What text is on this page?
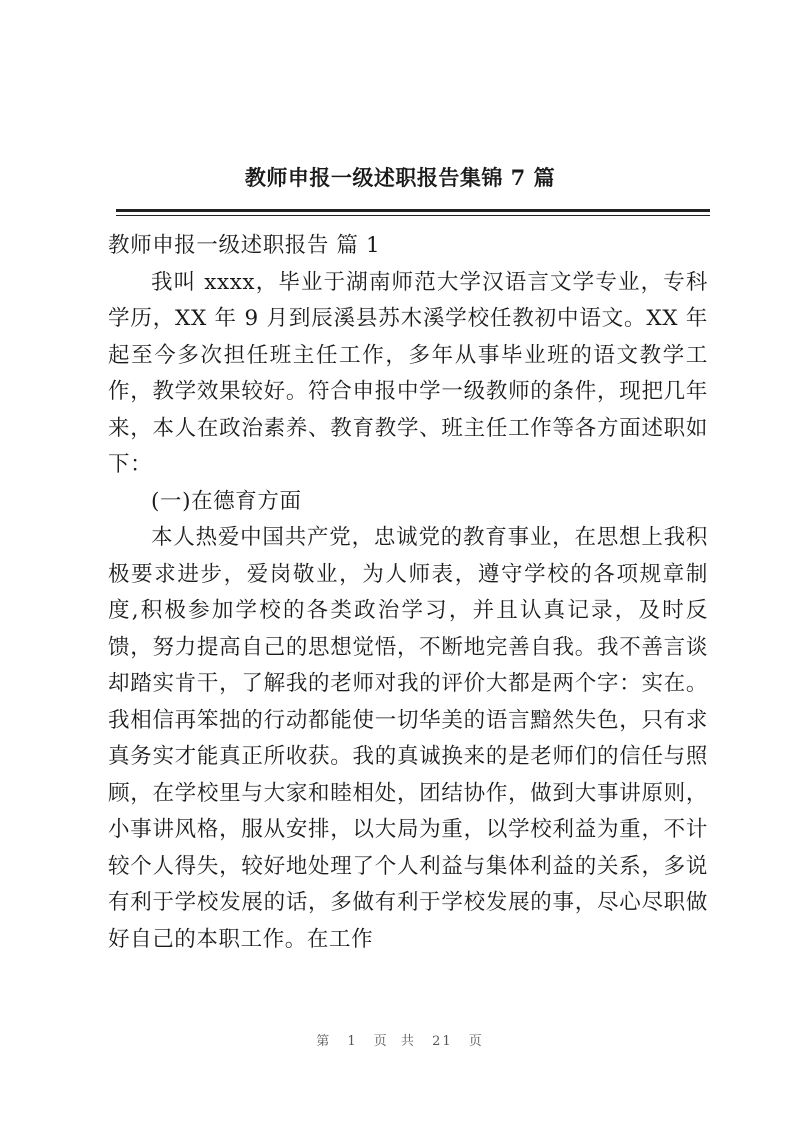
教师申报一级述职报告集锦 7 篇

教师申报一级述职报告 篇 1

我叫 xxxx，毕业于湖南师范大学汉语言文学专业，专科学历，XX 年 9 月到辰溪县苏木溪学校任教初中语文。XX 年起至今多次担任班主任工作，多年从事毕业班的语文教学工作，教学效果较好。符合申报中学一级教师的条件，现把几年来，本人在政治素养、教育教学、班主任工作等各方面述职如下：

(一)在德育方面

本人热爱中国共产党，忠诚党的教育事业，在思想上我积极要求进步，爱岗敬业，为人师表，遵守学校的各项规章制度,积极参加学校的各类政治学习，并且认真记录，及时反馈，努力提高自己的思想觉悟，不断地完善自我。我不善言谈却踏实肯干，了解我的老师对我的评价大都是两个字：实在。我相信再笨拙的行动都能使一切华美的语言黯然失色，只有求真务实才能真正所收获。我的真诚换来的是老师们的信任与照顾，在学校里与大家和睦相处，团结协作，做到大事讲原则，小事讲风格，服从安排，以大局为重，以学校利益为重，不计较个人得失，较好地处理了个人利益与集体利益的关系，多说有利于学校发展的话，多做有利于学校发展的事，尽心尽职做好自己的本职工作。在工作

第 1 页 共 21 页
